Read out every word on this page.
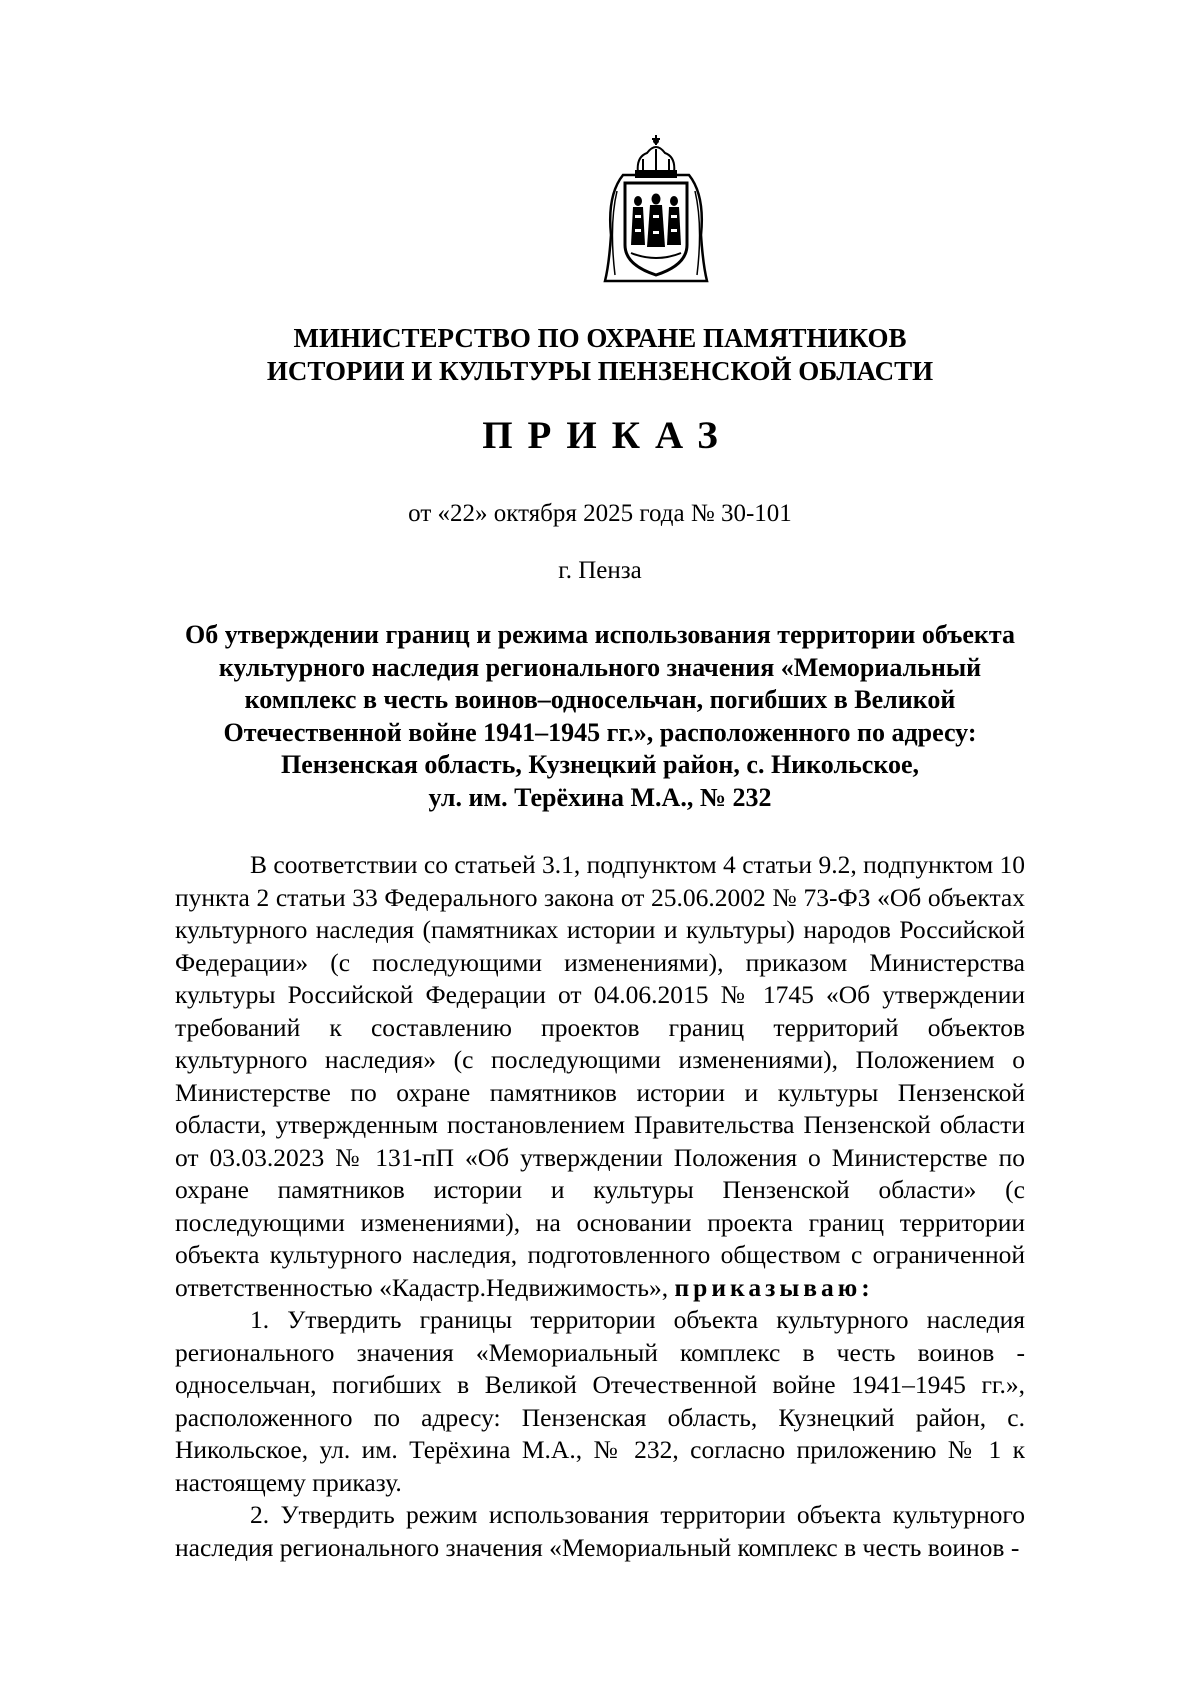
МИНИСТЕРСТВО ПО ОХРАНЕ ПАМЯТНИКОВ
ИСТОРИИ И КУЛЬТУРЫ ПЕНЗЕНСКОЙ ОБЛАСТИ
ПРИКАЗ
от «22» октября 2025 года № 30-101
г. Пенза
Об утверждении границ и режима использования территории объекта
культурного наследия регионального значения «Мемориальный
комплекс в честь воинов–односельчан, погибших в Великой
Отечественной войне 1941–1945 гг.», расположенного по адресу:
Пензенская область, Кузнецкий район, с. Никольское,
ул. им. Терёхина М.А., № 232

В соответствии со статьей 3.1, подпунктом 4 статьи 9.2, подпунктом 10 пункта 2 статьи 33 Федерального закона от 25.06.2002 № 73-ФЗ «Об объектах культурного наследия (памятниках истории и культуры) народов Российской Федерации» (с последующими изменениями), приказом Министерства культуры Российской Федерации от 04.06.2015 № 1745 «Об утверждении требований к составлению проектов границ территорий объектов культурного наследия» (с последующими изменениями), Положением о Министерстве по охране памятников истории и культуры Пензенской области, утвержденным постановлением Правительства Пензенской области от 03.03.2023 № 131-пП «Об утверждении Положения о Министерстве по охране памятников истории и культуры Пензенской области» (с последующими изменениями), на основании проекта границ территории объекта культурного наследия, подготовленного обществом с ограниченной ответственностью «Кадастр.Недвижимость», приказываю:

1. Утвердить границы территории объекта культурного наследия регионального значения «Мемориальный комплекс в честь воинов - односельчан, погибших в Великой Отечественной войне 1941–1945 гг.», расположенного по адресу: Пензенская область, Кузнецкий район, с. Никольское, ул. им. Терёхина М.А., № 232, согласно приложению № 1 к настоящему приказу.

2. Утвердить режим использования территории объекта культурного наследия регионального значения «Мемориальный комплекс в честь воинов -
